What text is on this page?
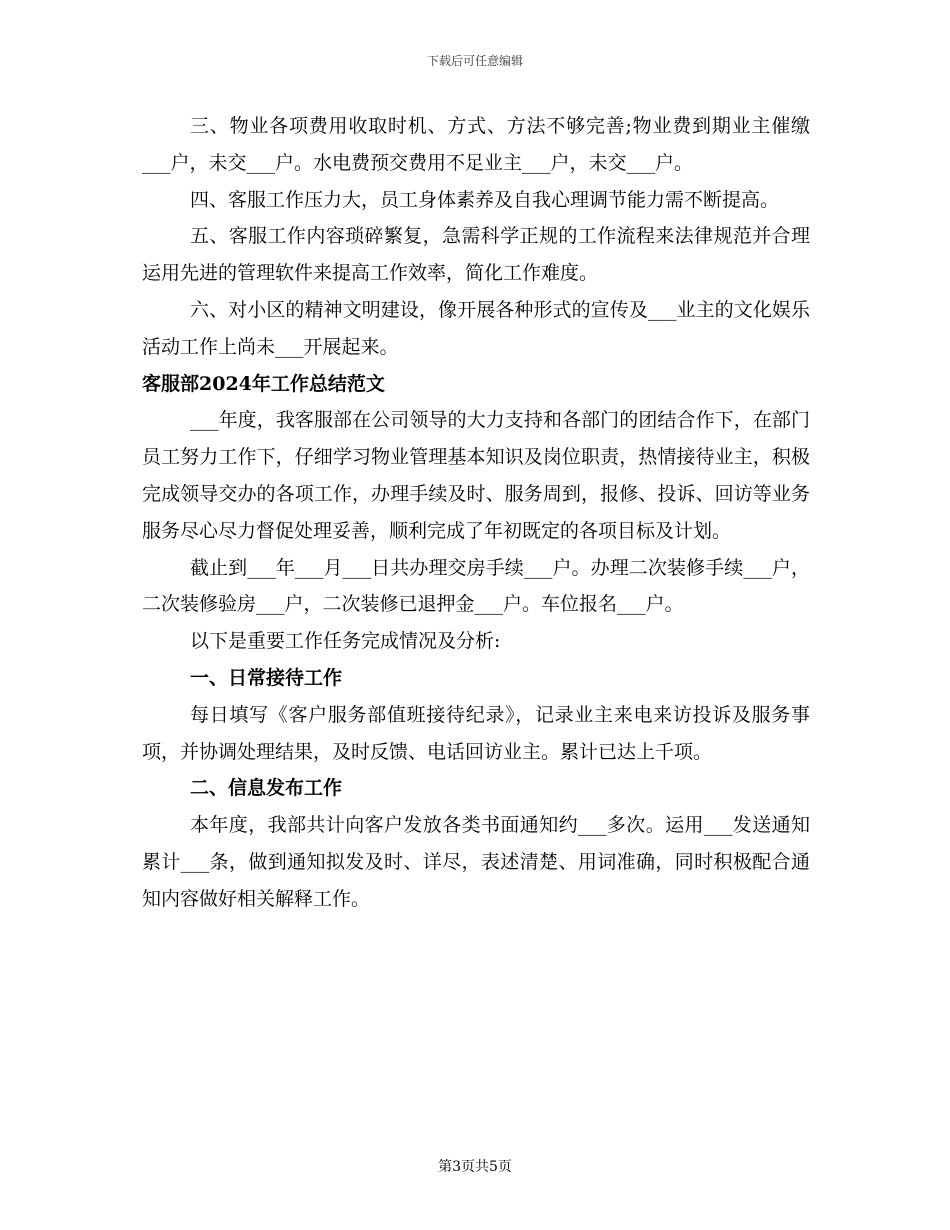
下载后可任意编辑

三、物业各项费用收取时机、方式、方法不够完善;物业费到期业主催缴___户，未交___户。水电费预交费用不足业主___户，未交___户。

四、客服工作压力大，员工身体素养及自我心理调节能力需不断提高。

五、客服工作内容琐碎繁复，急需科学正规的工作流程来法律规范并合理运用先进的管理软件来提高工作效率，简化工作难度。

六、对小区的精神文明建设，像开展各种形式的宣传及___业主的文化娱乐活动工作上尚未___开展起来。

客服部2024年工作总结范文

___年度，我客服部在公司领导的大力支持和各部门的团结合作下，在部门员工努力工作下，仔细学习物业管理基本知识及岗位职责，热情接待业主，积极完成领导交办的各项工作，办理手续及时、服务周到，报修、投诉、回访等业务服务尽心尽力督促处理妥善，顺利完成了年初既定的各项目标及计划。

截止到___年___月___日共办理交房手续___户。办理二次装修手续___户，二次装修验房___户，二次装修已退押金___户。车位报名___户。

以下是重要工作任务完成情况及分析:

一、日常接待工作

每日填写《客户服务部值班接待纪录》，记录业主来电来访投诉及服务事项，并协调处理结果，及时反馈、电话回访业主。累计已达上千项。

二、信息发布工作

本年度，我部共计向客户发放各类书面通知约___多次。运用___发送通知累计___条，做到通知拟发及时、详尽，表述清楚、用词准确，同时积极配合通知内容做好相关解释工作。

第3页共5页
